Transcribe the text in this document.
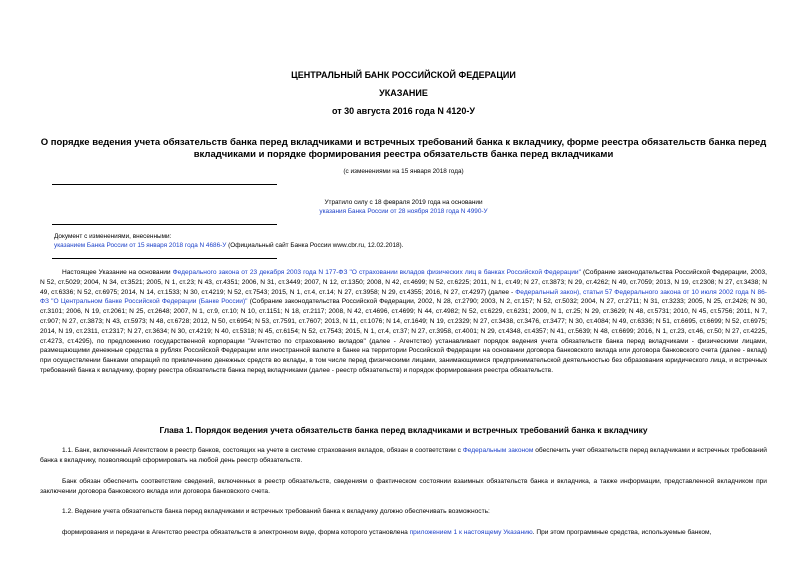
ЦЕНТРАЛЬНЫЙ БАНК РОССИЙСКОЙ ФЕДЕРАЦИИ
УКАЗАНИЕ
от 30 августа 2016 года N 4120-У
О порядке ведения учета обязательств банка перед вкладчиками и встречных требований банка к вкладчику, форме реестра обязательств банка перед вкладчиками и порядке формирования реестра обязательств банка перед вкладчиками
(с изменениями на 15 января 2018 года)
Утратило силу с 18 февраля 2019 года на основании
указания Банка России от 28 ноября 2018 года N 4990-У
Документ с изменениями, внесенными:
указанием Банка России от 15 января 2018 года N 4686-У (Официальный сайт Банка России www.cbr.ru, 12.02.2018).
Настоящее Указание на основании Федерального закона от 23 декабря 2003 года N 177-ФЗ "О страховании вкладов физических лиц в банках Российской Федерации" (Собрание законодательства Российской Федерации, 2003, N 52, ст.5029; 2004, N 34, ст.3521; 2005, N 1, ст.23; N 43, ст.4351; 2006, N 31, ст.3449; 2007, N 12, ст.1350; 2008, N 42, ст.4699; N 52, ст.6225; 2011, N 1, ст.49; N 27, ст.3873; N 29, ст.4262; N 49, ст.7059; 2013, N 19, ст.2308; N 27, ст.3438; N 49, ст.6336; N 52, ст.6975; 2014, N 14, ст.1533; N 30, ст.4219; N 52, ст.7543; 2015, N 1, ст.4, ст.14; N 27, ст.3958; N 29, ст.4355; 2016, N 27, ст.4297) (далее - Федеральный закон), статьи 57 Федерального закона от 10 июля 2002 года N 86-ФЗ "О Центральном банке Российской Федерации (Банке России)" (Собрание законодательства Российской Федерации, 2002, N 28, ст.2790; 2003, N 2, ст.157; N 52, ст.5032; 2004, N 27, ст.2711; N 31, ст.3233; 2005, N 25, ст.2426; N 30, ст.3101; 2006, N 19, ст.2061; N 25, ст.2648; 2007, N 1, ст.9, ст.10; N 10, ст.1151; N 18, ст.2117; 2008, N 42, ст.4696, ст.4699; N 44, ст.4982; N 52, ст.6229, ст.6231; 2009, N 1, ст.25; N 29, ст.3629; N 48, ст.5731; 2010, N 45, ст.5756; 2011, N 7, ст.907; N 27, ст.3873; N 43, ст.5973; N 48, ст.6728; 2012, N 50, ст.6954; N 53, ст.7591, ст.7607; 2013, N 11, ст.1076; N 14, ст.1649; N 19, ст.2329; N 27, ст.3438, ст.3476, ст.3477; N 30, ст.4084; N 49, ст.6336; N 51, ст.6695, ст.6699; N 52, ст.6975; 2014, N 19, ст.2311, ст.2317; N 27, ст.3634; N 30, ст.4219; N 40, ст.5318; N 45, ст.6154; N 52, ст.7543; 2015, N 1, ст.4, ст.37; N 27, ст.3958, ст.4001; N 29, ст.4348, ст.4357; N 41, ст.5639; N 48, ст.6699; 2016, N 1, ст.23, ст.46, ст.50; N 27, ст.4225, ст.4273, ст.4295), по предложению государственной корпорации "Агентство по страхованию вкладов" (далее - Агентство) устанавливает порядок ведения учета обязательств банка перед вкладчиками - физическими лицами, размещающими денежные средства в рублях Российской Федерации или иностранной валюте в банке на территории Российской Федерации на основании договора банковского вклада или договора банковского счета (далее - вклад) при осуществлении банками операций по привлечению денежных средств во вклады, в том числе перед физическими лицами, занимающимися предпринимательской деятельностью без образования юридического лица, и встречных требований банка к вкладчику, форму реестра обязательств банка перед вкладчиками (далее - реестр обязательств) и порядок формирования реестра обязательств.
Глава 1. Порядок ведения учета обязательств банка перед вкладчиками и встречных требований банка к вкладчику
1.1. Банк, включенный Агентством в реестр банков, состоящих на учете в системе страхования вкладов, обязан в соответствии с Федеральным законом обеспечить учет обязательств перед вкладчиками и встречных требований банка к вкладчику, позволяющий сформировать на любой день реестр обязательств.
Банк обязан обеспечить соответствие сведений, включенных в реестр обязательств, сведениям о фактическом состоянии взаимных обязательств банка и вкладчика, а также информации, представленной вкладчиком при заключении договора банковского вклада или договора банковского счета.
1.2. Ведение учета обязательств банка перед вкладчиками и встречных требований банка к вкладчику должно обеспечивать возможность:
формирования и передачи в Агентство реестра обязательств в электронном виде, форма которого установлена приложением 1 к настоящему Указанию. При этом программные средства, используемые банком,
